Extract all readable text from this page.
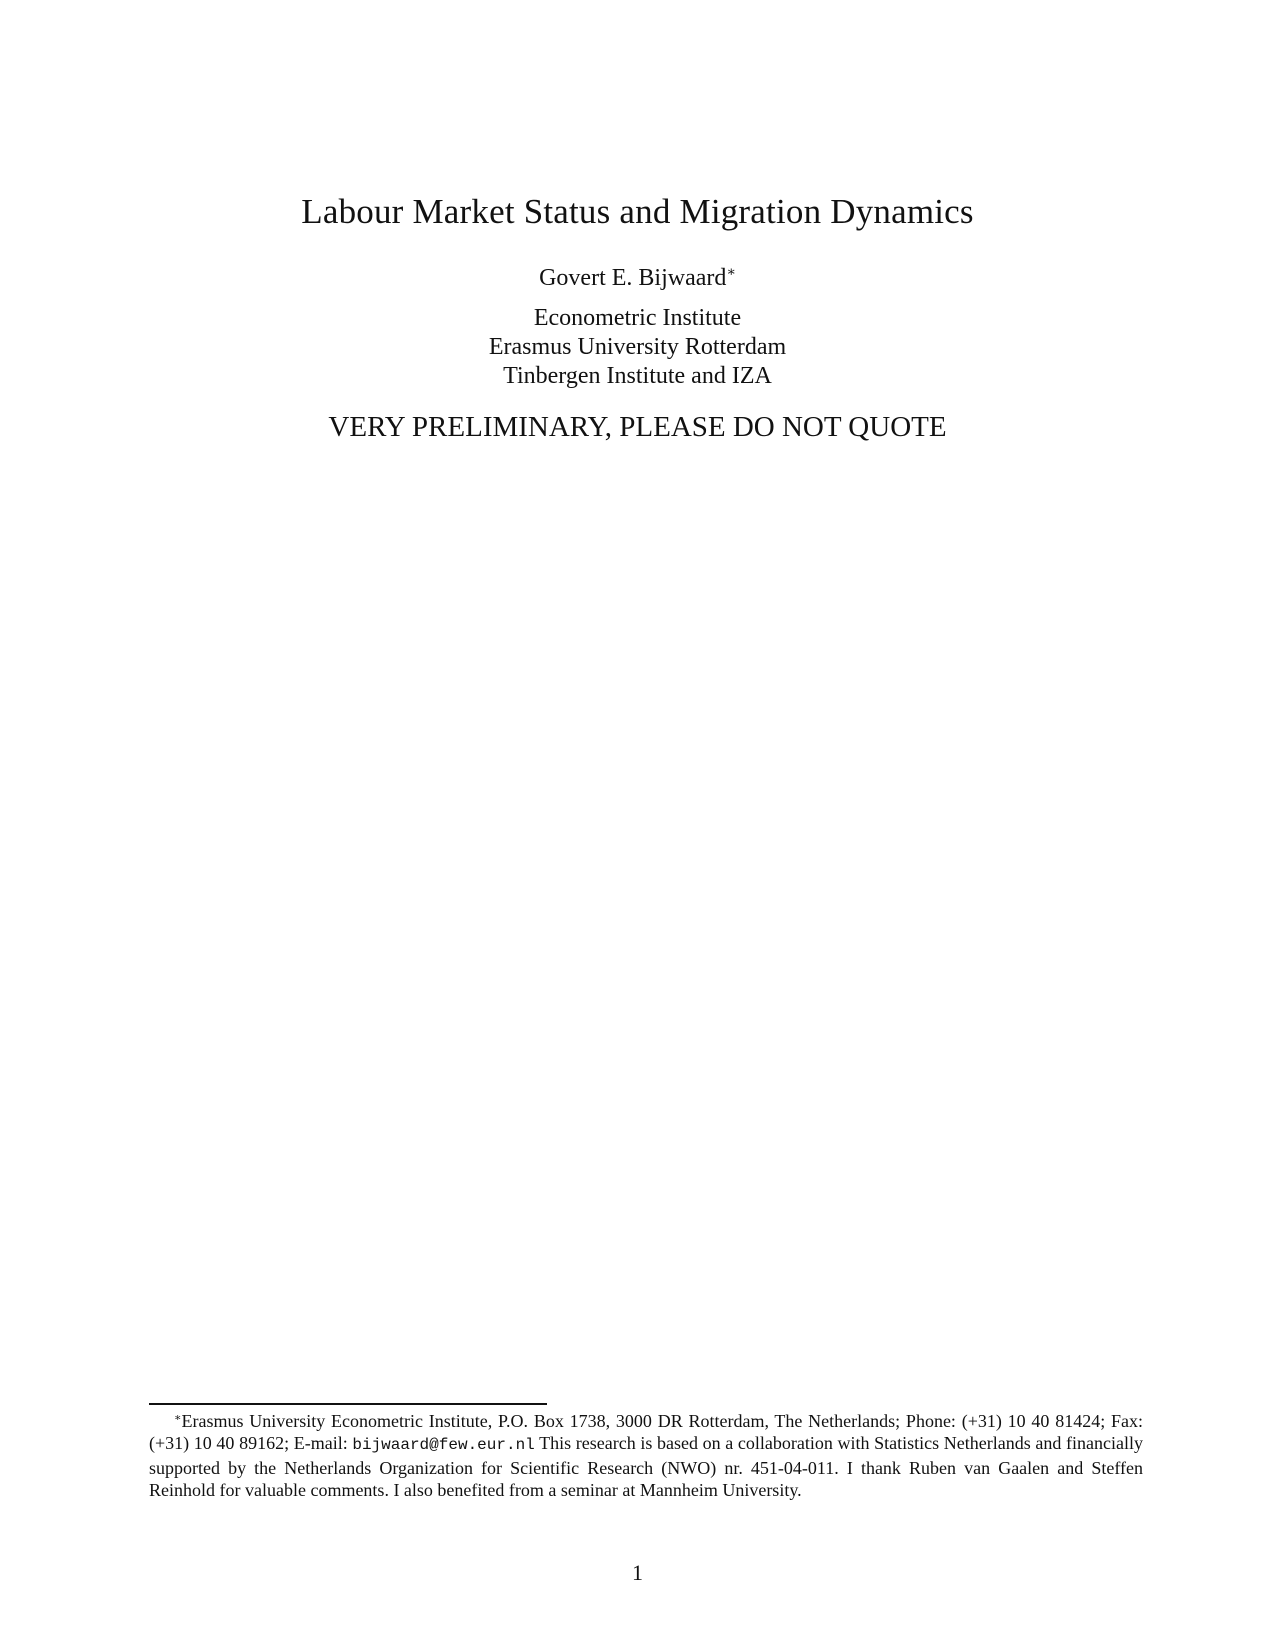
Labour Market Status and Migration Dynamics
Govert E. Bijwaard∗
Econometric Institute
Erasmus University Rotterdam
Tinbergen Institute and IZA
VERY PRELIMINARY, PLEASE DO NOT QUOTE
∗Erasmus University Econometric Institute, P.O. Box 1738, 3000 DR Rotterdam, The Netherlands; Phone: (+31) 10 40 81424; Fax: (+31) 10 40 89162; E-mail: bijwaard@few.eur.nl This research is based on a collaboration with Statistics Netherlands and financially supported by the Netherlands Organization for Scientific Research (NWO) nr. 451-04-011. I thank Ruben van Gaalen and Steffen Reinhold for valuable comments. I also benefited from a seminar at Mannheim University.
1
